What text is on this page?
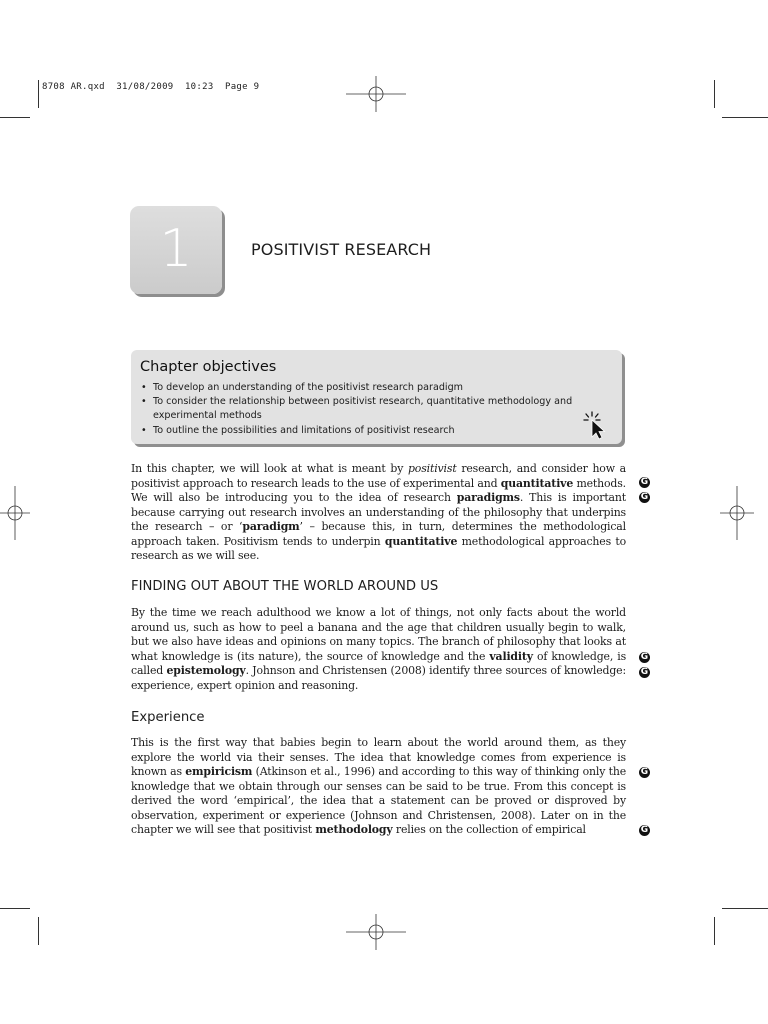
8708 AR.qxd  31/08/2009  10:23  Page 9
1	POSITIVIST RESEARCH
Chapter objectives
• To develop an understanding of the positivist research paradigm
• To consider the relationship between positivist research, quantitative methodology and experimental methods
• To outline the possibilities and limitations of positivist research

In this chapter, we will look at what is meant by positivist research, and consider how a positivist approach to research leads to the use of experimental and quantitative methods. We will also be introducing you to the idea of research paradigms. This is important because carrying out research involves an understanding of the philosophy that underpins the research – or ‘paradigm’ – because this, in turn, determines the methodological approach taken. Positivism tends to underpin quantitative methodological approaches to research as we will see.

FINDING OUT ABOUT THE WORLD AROUND US

By the time we reach adulthood we know a lot of things, not only facts about the world around us, such as how to peel a banana and the age that children usually begin to walk, but we also have ideas and opinions on many topics. The branch of philosophy that looks at what knowledge is (its nature), the source of knowledge and the validity of knowledge, is called epistemology. Johnson and Christensen (2008) identify three sources of knowledge: experience, expert opinion and reasoning.

Experience

This is the first way that babies begin to learn about the world around them, as they explore the world via their senses. The idea that knowledge comes from experience is known as empiricism (Atkinson et al., 1996) and according to this way of thinking only the knowledge that we obtain through our senses can be said to be true. From this concept is derived the word ‘empirical’, the idea that a statement can be proved or disproved by observation, experiment or experience (Johnson and Christensen, 2008). Later on in the chapter we will see that positivist methodology relies on the collection of empirical

G
G
G
G
G
G
